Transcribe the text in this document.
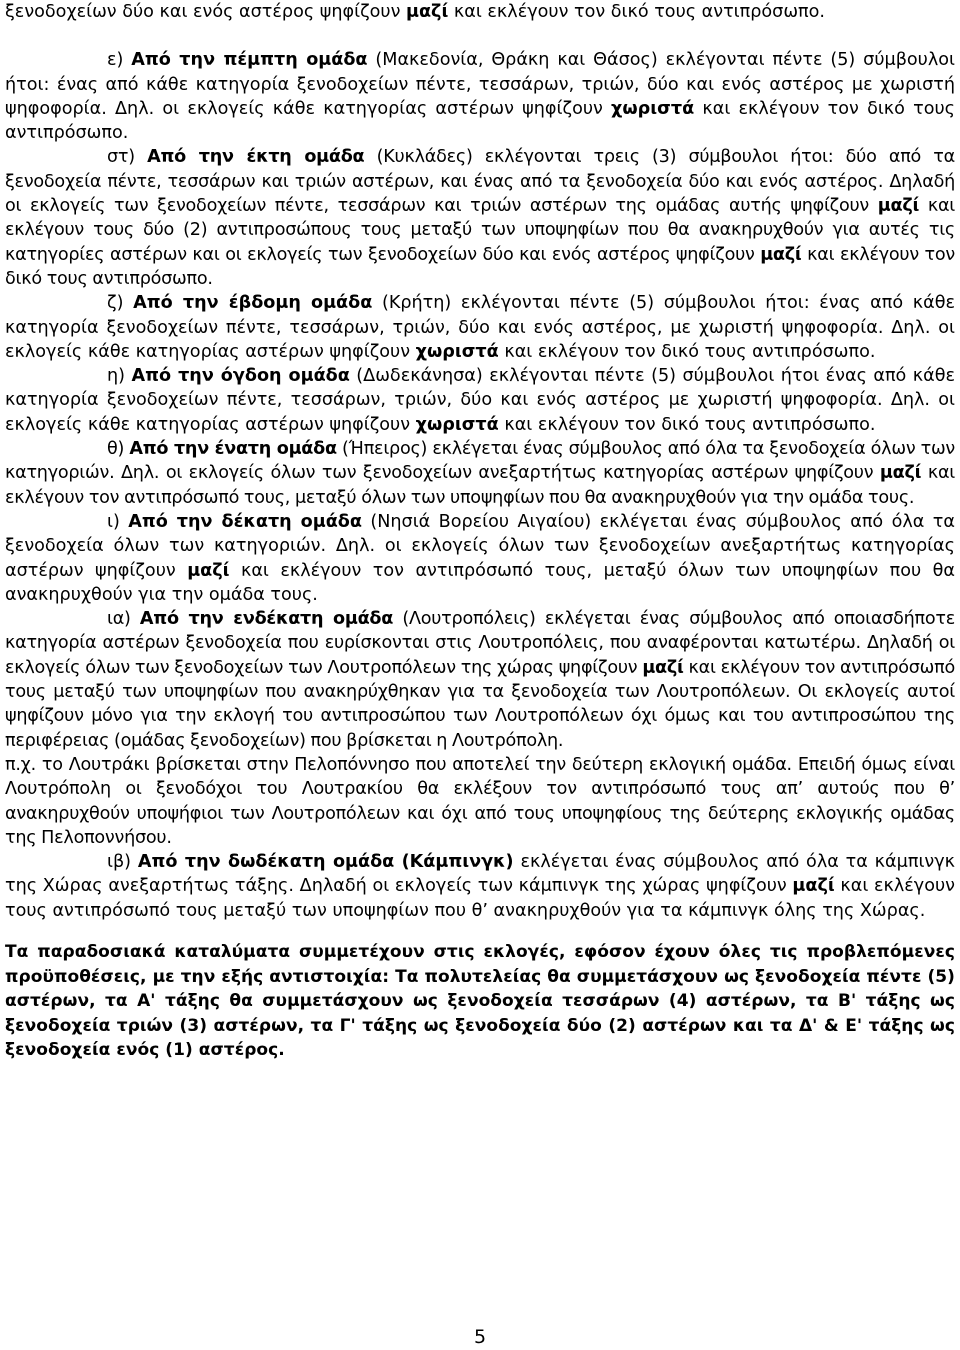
ξενοδοχείων δύο και ενός αστέρος ψηφίζουν μαζί και εκλέγουν τον δικό τους αντιπρόσωπο.

ε) Από την πέμπτη ομάδα (Μακεδονία, Θράκη και Θάσος) εκλέγονται πέντε (5) σύμβουλοι ήτοι: ένας από κάθε κατηγορία ξενοδοχείων πέντε, τεσσάρων, τριών, δύο και ενός αστέρος με χωριστή ψηφοφορία. Δηλ. οι εκλογείς κάθε κατηγορίας αστέρων ψηφίζουν χωριστά και εκλέγουν τον δικό τους αντιπρόσωπο.

στ) Από την έκτη ομάδα (Κυκλάδες) εκλέγονται τρεις (3) σύμβουλοι ήτοι: δύο από τα ξενοδοχεία πέντε, τεσσάρων και τριών αστέρων, και ένας από τα ξενοδοχεία δύο και ενός αστέρος. Δηλαδή οι εκλογείς των ξενοδοχείων πέντε, τεσσάρων και τριών αστέρων της ομάδας αυτής ψηφίζουν μαζί και εκλέγουν τους δύο (2) αντιπροσώπους τους μεταξύ των υποψηφίων που θα ανακηρυχθούν για αυτές τις κατηγορίες αστέρων και οι εκλογείς των ξενοδοχείων δύο και ενός αστέρος ψηφίζουν μαζί και εκλέγουν τον δικό τους αντιπρόσωπο.

ζ) Από την έβδομη ομάδα (Κρήτη) εκλέγονται πέντε (5) σύμβουλοι ήτοι: ένας από κάθε κατηγορία ξενοδοχείων πέντε, τεσσάρων, τριών, δύο και ενός αστέρος, με χωριστή ψηφοφορία. Δηλ. οι εκλογείς κάθε κατηγορίας αστέρων ψηφίζουν χωριστά και εκλέγουν τον δικό τους αντιπρόσωπο.

η) Από την όγδοη ομάδα (Δωδεκάνησα) εκλέγονται πέντε (5) σύμβουλοι ήτοι ένας από κάθε κατηγορία ξενοδοχείων πέντε, τεσσάρων, τριών, δύο και ενός αστέρος με χωριστή ψηφοφορία. Δηλ. οι εκλογείς κάθε κατηγορίας αστέρων ψηφίζουν χωριστά και εκλέγουν τον δικό τους αντιπρόσωπο.

θ) Από την ένατη ομάδα (Ήπειρος) εκλέγεται ένας σύμβουλος από όλα τα ξενοδοχεία όλων των κατηγοριών. Δηλ. οι εκλογείς όλων των ξενοδοχείων ανεξαρτήτως κατηγορίας αστέρων ψηφίζουν μαζί και εκλέγουν τον αντιπρόσωπό τους, μεταξύ όλων των υποψηφίων που θα ανακηρυχθούν για την ομάδα τους.

ι) Από την δέκατη ομάδα (Νησιά Βορείου Αιγαίου) εκλέγεται ένας σύμβουλος από όλα τα ξενοδοχεία όλων των κατηγοριών. Δηλ. οι εκλογείς όλων των ξενοδοχείων ανεξαρτήτως κατηγορίας αστέρων ψηφίζουν μαζί και εκλέγουν τον αντιπρόσωπό τους, μεταξύ όλων των υποψηφίων που θα ανακηρυχθούν για την ομάδα τους.

ια) Από την ενδέκατη ομάδα (Λουτροπόλεις) εκλέγεται ένας σύμβουλος από οποιασδήποτε κατηγορία αστέρων ξενοδοχεία που ευρίσκονται στις Λουτροπόλεις, που αναφέρονται κατωτέρω. Δηλαδή οι εκλογείς όλων των ξενοδοχείων των Λουτροπόλεων της χώρας ψηφίζουν μαζί και εκλέγουν τον αντιπρόσωπό τους μεταξύ των υποψηφίων που ανακηρύχθηκαν για τα ξενοδοχεία των Λουτροπόλεων. Οι εκλογείς αυτοί ψηφίζουν μόνο για την εκλογή του αντιπροσώπου των Λουτροπόλεων όχι όμως και του αντιπροσώπου της περιφέρειας (ομάδας ξενοδοχείων) που βρίσκεται η Λουτρόπολη.

π.χ. το Λουτράκι βρίσκεται στην Πελοπόννησο που αποτελεί την δεύτερη εκλογική ομάδα. Επειδή όμως είναι Λουτρόπολη οι ξενοδόχοι του Λουτρακίου θα εκλέξουν τον αντιπρόσωπό τους απ’ αυτούς που θ’ ανακηρυχθούν υποψήφιοι των Λουτροπόλεων και όχι από τους υποψηφίους της δεύτερης εκλογικής ομάδας της Πελοποννήσου.

ιβ) Από την δωδέκατη ομάδα (Κάμπινγκ) εκλέγεται ένας σύμβουλος από όλα τα κάμπινγκ της Χώρας ανεξαρτήτως τάξης. Δηλαδή οι εκλογείς των κάμπινγκ της χώρας ψηφίζουν μαζί και εκλέγουν τους αντιπρόσωπό τους μεταξύ των υποψηφίων που θ’ ανακηρυχθούν για τα κάμπινγκ όλης της Χώρας.

Τα παραδοσιακά καταλύματα συμμετέχουν στις εκλογές, εφόσον έχουν όλες τις προβλεπόμενες προϋποθέσεις, με την εξής αντιστοιχία: Τα πολυτελείας θα συμμετάσχουν ως ξενοδοχεία πέντε (5) αστέρων, τα Α' τάξης θα συμμετάσχουν ως ξενοδοχεία τεσσάρων (4) αστέρων, τα Β' τάξης ως ξενοδοχεία τριών (3) αστέρων, τα Γ' τάξης ως ξενοδοχεία δύο (2) αστέρων και τα Δ' & Ε' τάξης ως ξενοδοχεία ενός (1) αστέρος.

5
